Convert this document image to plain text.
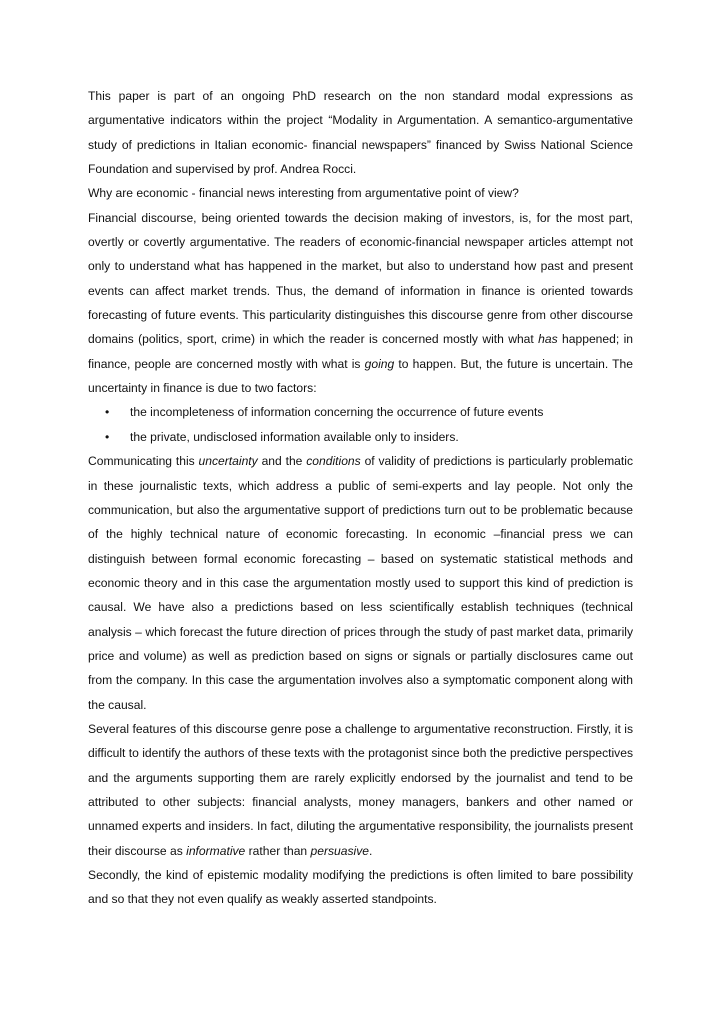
This paper is part of an ongoing PhD research on the non standard modal expressions as argumentative indicators within the project “Modality in Argumentation. A semantico-argumentative study of predictions in Italian economic- financial newspapers” financed by Swiss National Science Foundation and supervised by prof. Andrea Rocci.

Why are economic - financial news interesting from argumentative point of view?

Financial discourse, being oriented towards the decision making of investors, is, for the most part, overtly or covertly argumentative. The readers of economic-financial newspaper articles attempt not only to understand what has happened in the market, but also to understand how past and present events can affect market trends. Thus, the demand of information in finance is oriented towards forecasting of future events. This particularity distinguishes this discourse genre from other discourse domains (politics, sport, crime) in which the reader is concerned mostly with what has happened; in finance, people are concerned mostly with what is going to happen. But, the future is uncertain. The uncertainty in finance is due to two factors:

• the incompleteness of information concerning the occurrence of future events
• the private, undisclosed information available only to insiders.

Communicating this uncertainty and the conditions of validity of predictions is particularly problematic in these journalistic texts, which address a public of semi-experts and lay people. Not only the communication, but also the argumentative support of predictions turn out to be problematic because of the highly technical nature of economic forecasting. In economic –financial press we can distinguish between formal economic forecasting – based on systematic statistical methods and economic theory and in this case the argumentation mostly used to support this kind of prediction is causal. We have also a predictions based on less scientifically establish techniques (technical analysis – which forecast the future direction of prices through the study of past market data, primarily price and volume) as well as prediction based on signs or signals or partially disclosures came out from the company. In this case the argumentation involves also a symptomatic component along with the causal.

Several features of this discourse genre pose a challenge to argumentative reconstruction. Firstly, it is difficult to identify the authors of these texts with the protagonist since both the predictive perspectives and the arguments supporting them are rarely explicitly endorsed by the journalist and tend to be attributed to other subjects: financial analysts, money managers, bankers and other named or unnamed experts and insiders. In fact, diluting the argumentative responsibility, the journalists present their discourse as informative rather than persuasive.

Secondly, the kind of epistemic modality modifying the predictions is often limited to bare possibility and so that they not even qualify as weakly asserted standpoints.
